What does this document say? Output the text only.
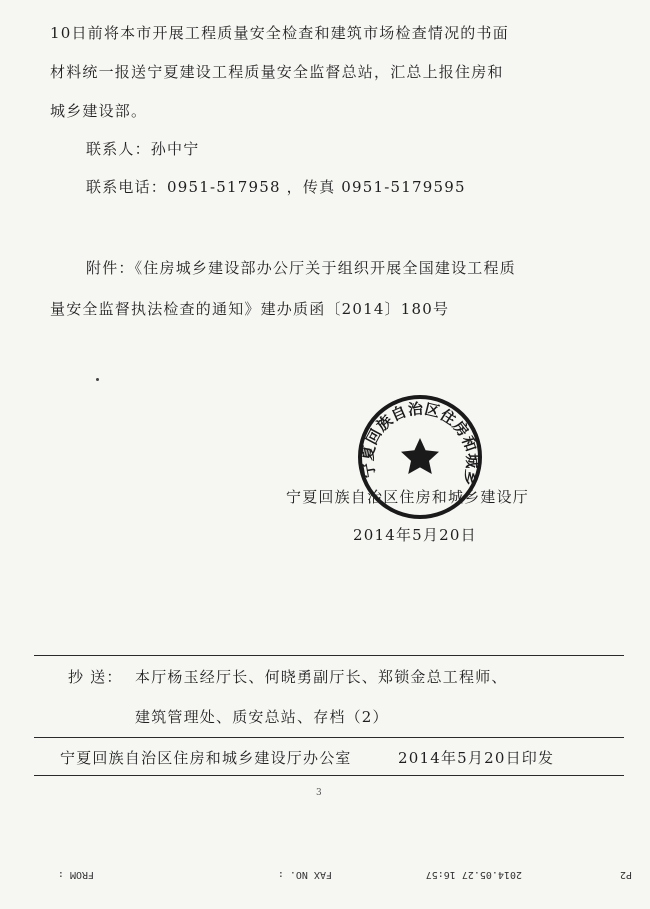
10日前将本市开展工程质量安全检查和建筑市场检查情况的书面
材料统一报送宁夏建设工程质量安全监督总站，汇总上报住房和
城乡建设部。
联系人：孙中宁
联系电话：0951-517958 ，传真 0951-5179595
附件：《住房城乡建设部办公厅关于组织开展全国建设工程质
量安全监督执法检查的通知》建办质函〔2014〕180号
宁夏回族自治区住房和城乡
宁夏回族自治区住房和城乡建设厅
2014年5月20日
抄 送： 本厅杨玉经厅长、何晓勇副厅长、郑锁金总工程师、
建筑管理处、质安总站、存档（2）
宁夏回族自治区住房和城乡建设厅办公室	2014年5月20日印发
3
FROM :	FAX NO. :	2014.05.27 16:57	P2
